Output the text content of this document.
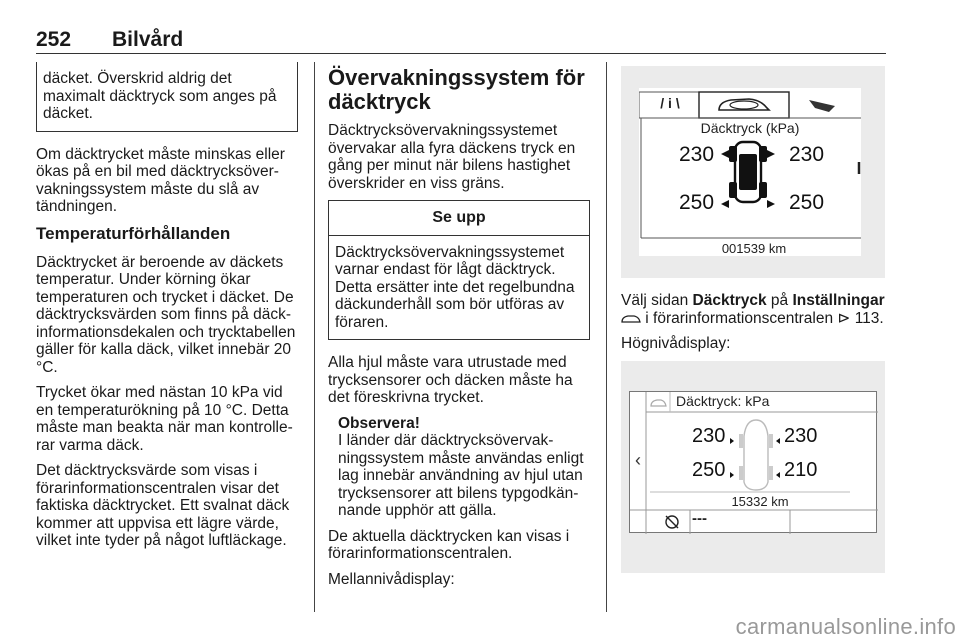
252 Bilvård
däcket. Överskrid aldrig det maximalt däcktryck som anges på däcket.

Om däcktrycket måste minskas eller ökas på en bil med däcktrycksövervakningssystem måste du slå av tändningen.

Temperaturförhållanden

Däcktrycket är beroende av däckets temperatur. Under körning ökar temperaturen och trycket i däcket. De däcktrycksvärden som finns på däckinformationsdekalen och trycktabellen gäller för kalla däck, vilket innebär 20 °C.

Trycket ökar med nästan 10 kPa vid en temperaturökning på 10 °C. Detta måste man beakta när man kontrollerar varma däck.

Det däcktrycksvärde som visas i förarinformationscentralen visar det faktiska däcktrycket. Ett svalnat däck kommer att uppvisa ett lägre värde, vilket inte tyder på något luftläckage.

Övervakningssystem för däcktryck

Däcktrycksövervakningssystemet övervakar alla fyra däckens tryck en gång per minut när bilens hastighet överskrider en viss gräns.

Se upp
Däcktrycksövervakningssystemet varnar endast för lågt däcktryck. Detta ersätter inte det regelbundna däckunderhåll som bör utföras av föraren.

Alla hjul måste vara utrustade med trycksensorer och däcken måste ha det föreskrivna trycket.

Observera!
I länder där däcktrycksövervakningssystem måste användas enligt lag innebär användning av hjul utan trycksensorer att bilens typgodkännande upphör att gälla.

De aktuella däcktrycken kan visas i förarinformationscentralen.

Mellannivådisplay:

/ i \
Däcktryck (kPa)
230	230
250	250
001539 km

Välj sidan Däcktryck på Inställningar  i förarinformationscentralen ⊳ 113.

Högnivådisplay:

‹
Däcktryck: kPa
230	230
250	210
15332 km
---
carmanualsonline.info
